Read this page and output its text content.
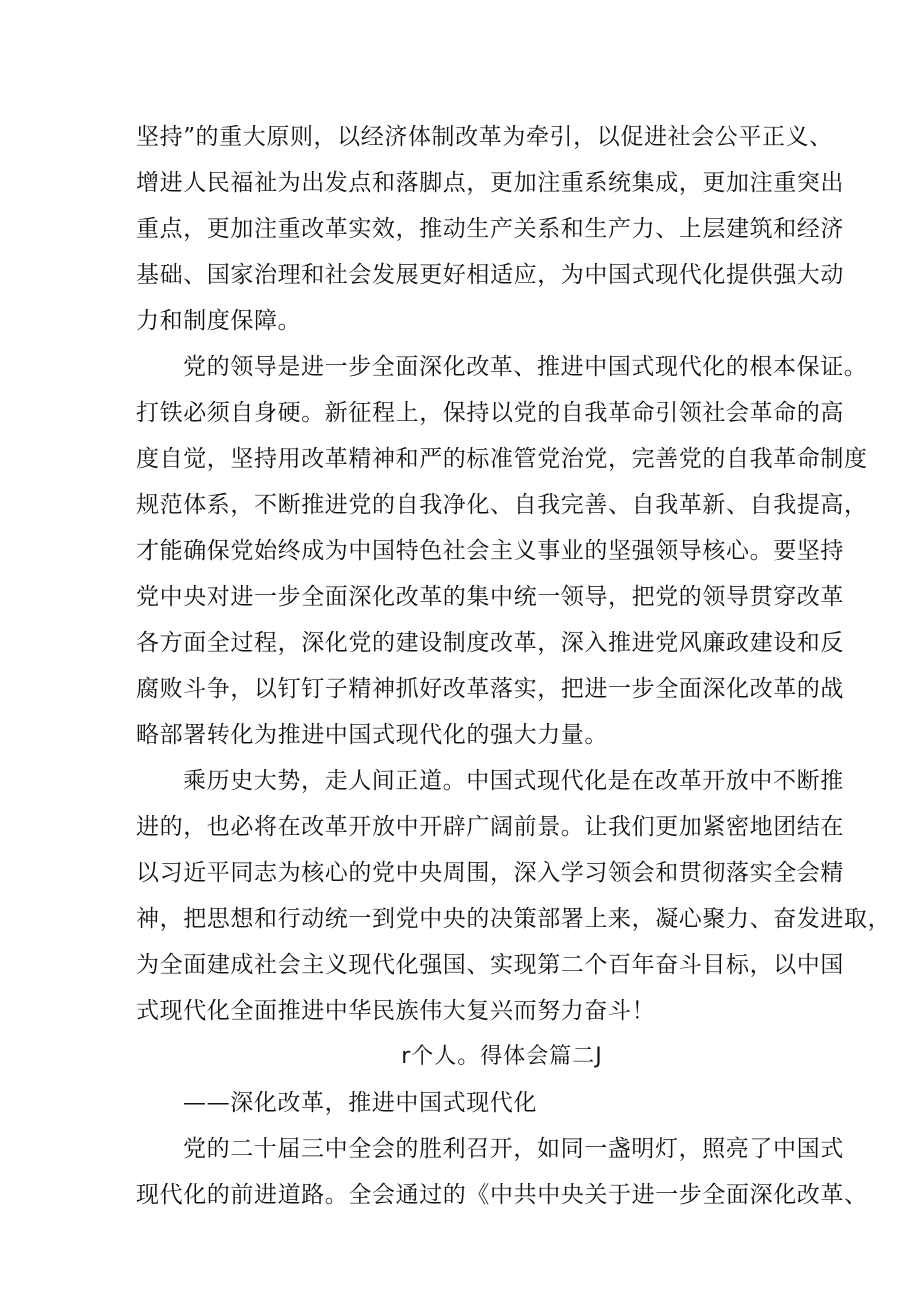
坚持”的重大原则，以经济体制改革为牵引，以促进社会公平正义、
增进人民福祉为出发点和落脚点，更加注重系统集成，更加注重突出
重点，更加注重改革实效，推动生产关系和生产力、上层建筑和经济
基础、国家治理和社会发展更好相适应，为中国式现代化提供强大动
力和制度保障。
党的领导是进一步全面深化改革、推进中国式现代化的根本保证。
打铁必须自身硬。新征程上，保持以党的自我革命引领社会革命的高
度自觉，坚持用改革精神和严的标准管党治党，完善党的自我革命制度
规范体系，不断推进党的自我净化、自我完善、自我革新、自我提高，
才能确保党始终成为中国特色社会主义事业的坚强领导核心。要坚持
党中央对进一步全面深化改革的集中统一领导，把党的领导贯穿改革
各方面全过程，深化党的建设制度改革，深入推进党风廉政建设和反
腐败斗争，以钉钉子精神抓好改革落实，把进一步全面深化改革的战
略部署转化为推进中国式现代化的强大力量。
乘历史大势，走人间正道。中国式现代化是在改革开放中不断推
进的，也必将在改革开放中开辟广阔前景。让我们更加紧密地团结在
以习近平同志为核心的党中央周围，深入学习领会和贯彻落实全会精
神，把思想和行动统一到党中央的决策部署上来，凝心聚力、奋发进取，
为全面建成社会主义现代化强国、实现第二个百年奋斗目标，以中国
式现代化全面推进中华民族伟大复兴而努力奋斗！
r个人。得体会篇二J
——深化改革，推进中国式现代化
党的二十届三中全会的胜利召开，如同一盏明灯，照亮了中国式
现代化的前进道路。全会通过的《中共中央关于进一步全面深化改革、
